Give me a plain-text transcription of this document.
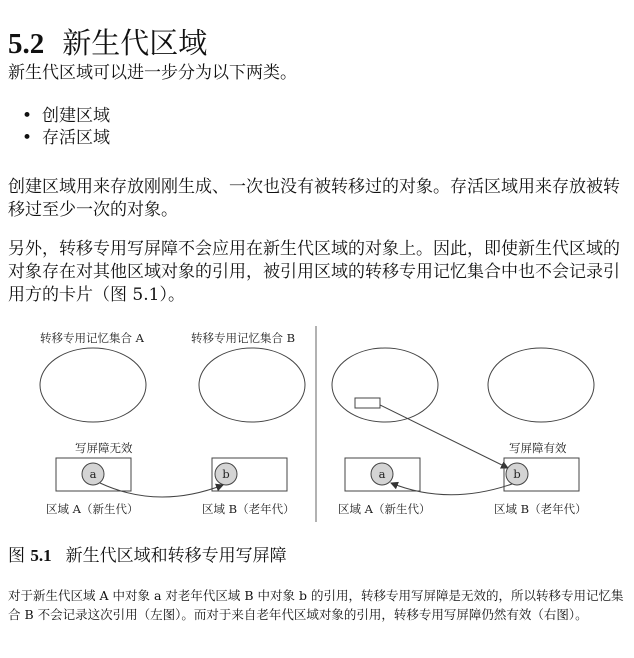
5.2 新生代区域

新生代区域可以进一步分为以下两类。

• 创建区域
• 存活区域

创建区域用来存放刚刚生成、一次也没有被转移过的对象。存活区域用来存放被转移过至少一次的对象。

另外，转移专用写屏障不会应用在新生代区域的对象上。因此，即使新生代区域的对象存在对其他区域对象的引用，被引用区域的转移专用记忆集合中也不会记录引用方的卡片（图 5.1）。

转移专用记忆集合 A	转移专用记忆集合 B
写屏障无效
a	b
区域 A（新生代）	区域 B（老年代）
写屏障有效
a	b
区域 A（新生代）	区域 B（老年代）
图 5.1 新生代区域和转移专用写屏障

对于新生代区域 A 中对象 a 对老年代区域 B 中对象 b 的引用，转移专用写屏障是无效的，所以转移专用记忆集合 B 不会记录这次引用（左图）。而对于来自老年代区域对象的引用，转移专用写屏障仍然有效（右图）。
